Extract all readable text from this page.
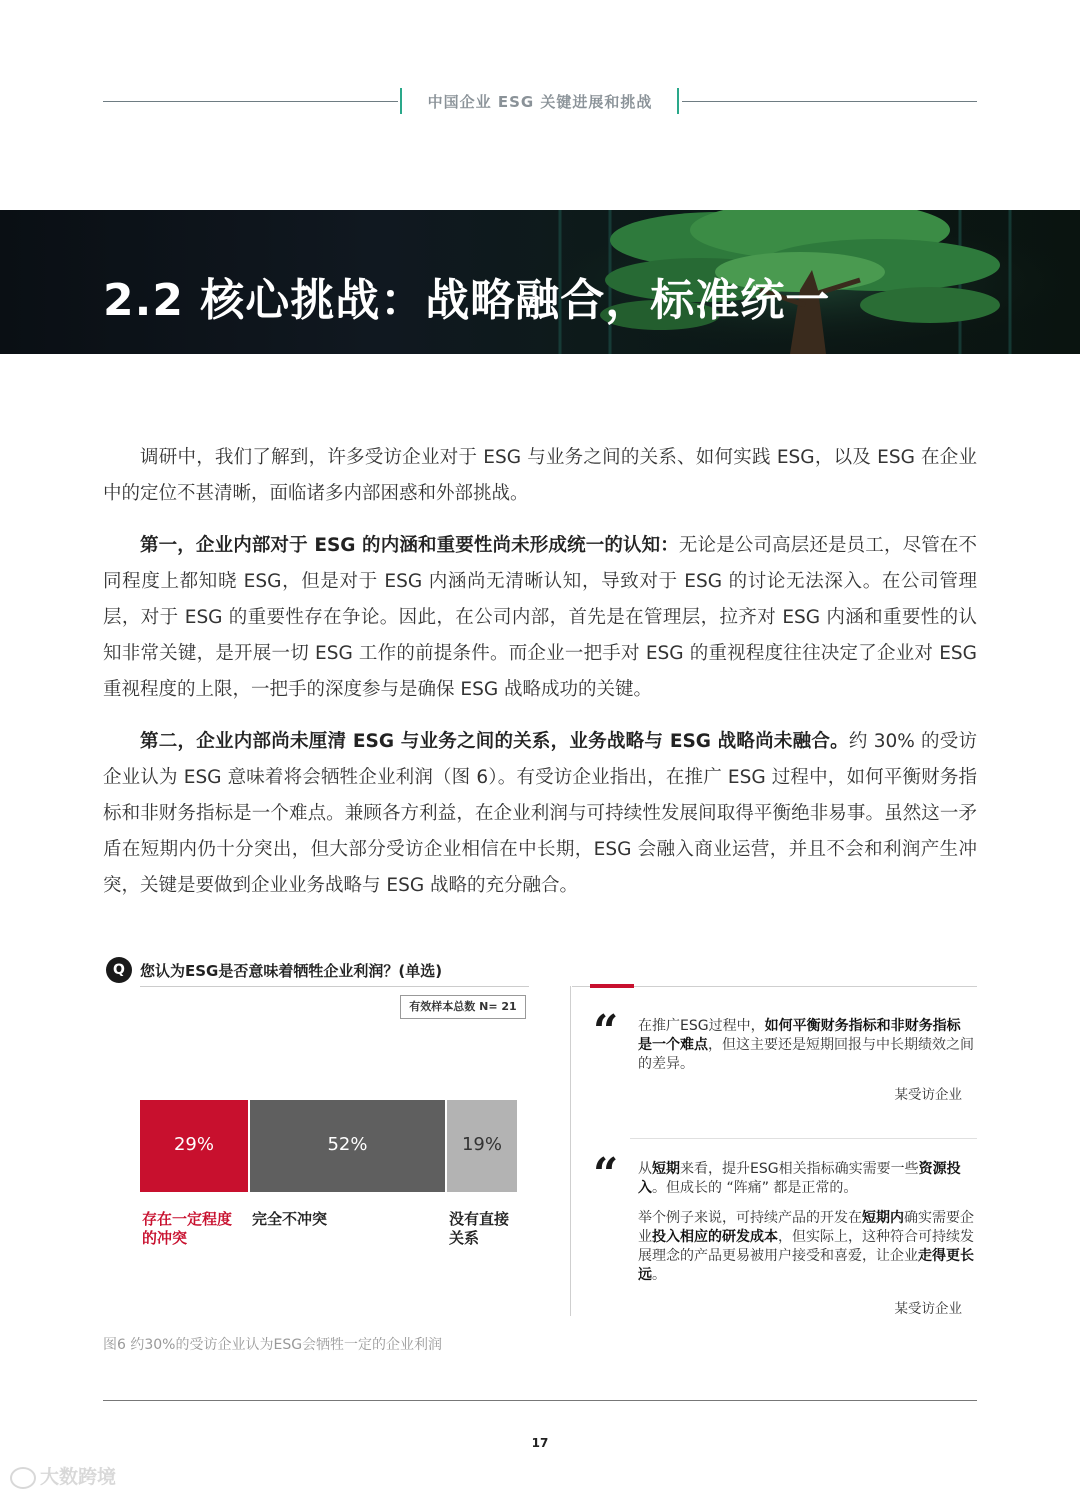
中国企业 ESG 关键进展和挑战
2.2 核心挑战：战略融合，标准统一
调研中，我们了解到，许多受访企业对于 ESG 与业务之间的关系、如何实践 ESG，以及 ESG 在企业中的定位不甚清晰，面临诸多内部困惑和外部挑战。
第一，企业内部对于 ESG 的内涵和重要性尚未形成统一的认知：无论是公司高层还是员工，尽管在不同程度上都知晓 ESG，但是对于 ESG 内涵尚无清晰认知，导致对于 ESG 的讨论无法深入。在公司管理层，对于 ESG 的重要性存在争论。因此，在公司内部，首先是在管理层，拉齐对 ESG 内涵和重要性的认知非常关键，是开展一切 ESG 工作的前提条件。而企业一把手对 ESG 的重视程度往往决定了企业对 ESG 重视程度的上限，一把手的深度参与是确保 ESG 战略成功的关键。
第二，企业内部尚未厘清 ESG 与业务之间的关系，业务战略与 ESG 战略尚未融合。约 30% 的受访企业认为 ESG 意味着将会牺牲企业利润（图 6）。有受访企业指出，在推广 ESG 过程中，如何平衡财务指标和非财务指标是一个难点。兼顾各方利益，在企业利润与可持续性发展间取得平衡绝非易事。虽然这一矛盾在短期内仍十分突出，但大部分受访企业相信在中长期，ESG 会融入商业运营，并且不会和利润产生冲突，关键是要做到企业业务战略与 ESG 战略的充分融合。
Q	您认为ESG是否意味着牺牲企业利润？(单选)
有效样本总数 N= 21
29%
存在一定程度
的冲突
52%
完全不冲突
19%
没有直接
关系
“ 在推广ESG过程中，如何平衡财务指标和非财务指标是一个难点，但这主要还是短期回报与中长期绩效之间的差异。
某受访企业
“ 从短期来看，提升ESG相关指标确实需要一些资源投入。但成长的 “阵痛” 都是正常的。
举个例子来说，可持续产品的开发在短期内确实需要企业投入相应的研发成本，但实际上，这种符合可持续发展理念的产品更易被用户接受和喜爱，让企业走得更长远。
某受访企业
图6 约30%的受访企业认为ESG会牺牲一定的企业利润
17
大数跨境
